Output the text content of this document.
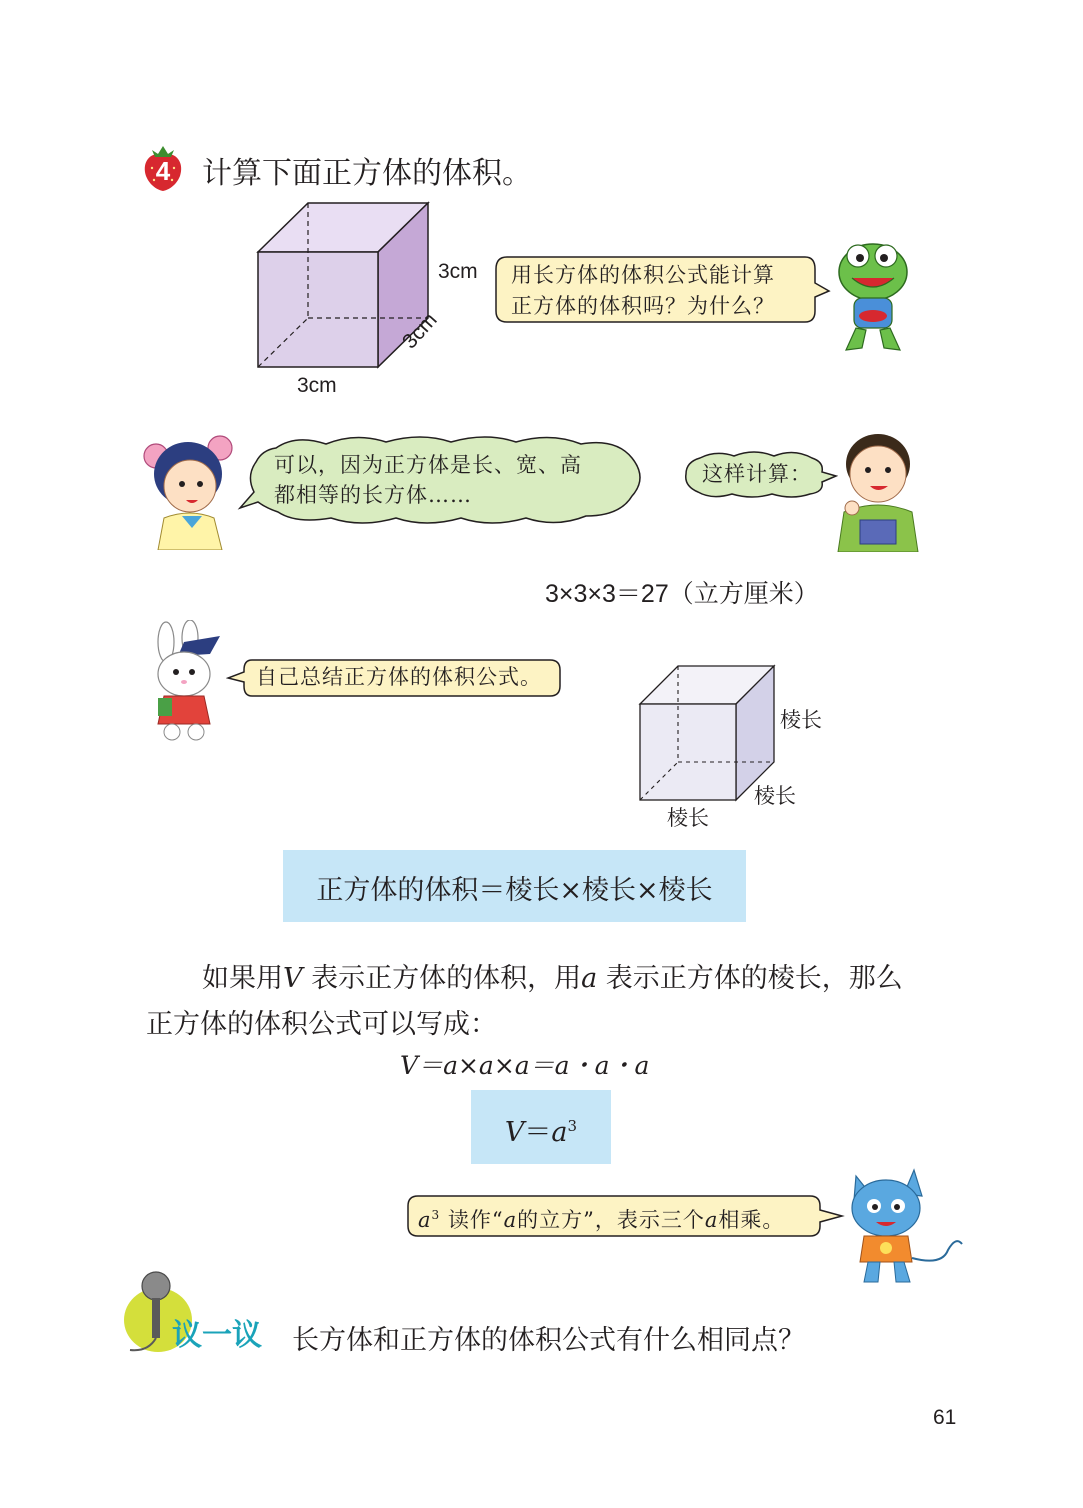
4	计算下面正方体的体积。
3cm
3cm
3cm
用长方体的体积公式能计算
正方体的体积吗？为什么？
可以，因为正方体是长、宽、高
都相等的长方体……
这样计算：
3×3×3＝27（立方厘米）
自己总结正方体的体积公式。
棱长
棱长
棱长
正方体的体积＝棱长×棱长×棱长
如果用V 表示正方体的体积，用a 表示正方体的棱长，那么
正方体的体积公式可以写成：
V＝a×a×a＝a・a・a
$V=a^3$
$a^3$ 读作“a的立方”，表示三个a相乘。
议一议 长方体和正方体的体积公式有什么相同点？
61
